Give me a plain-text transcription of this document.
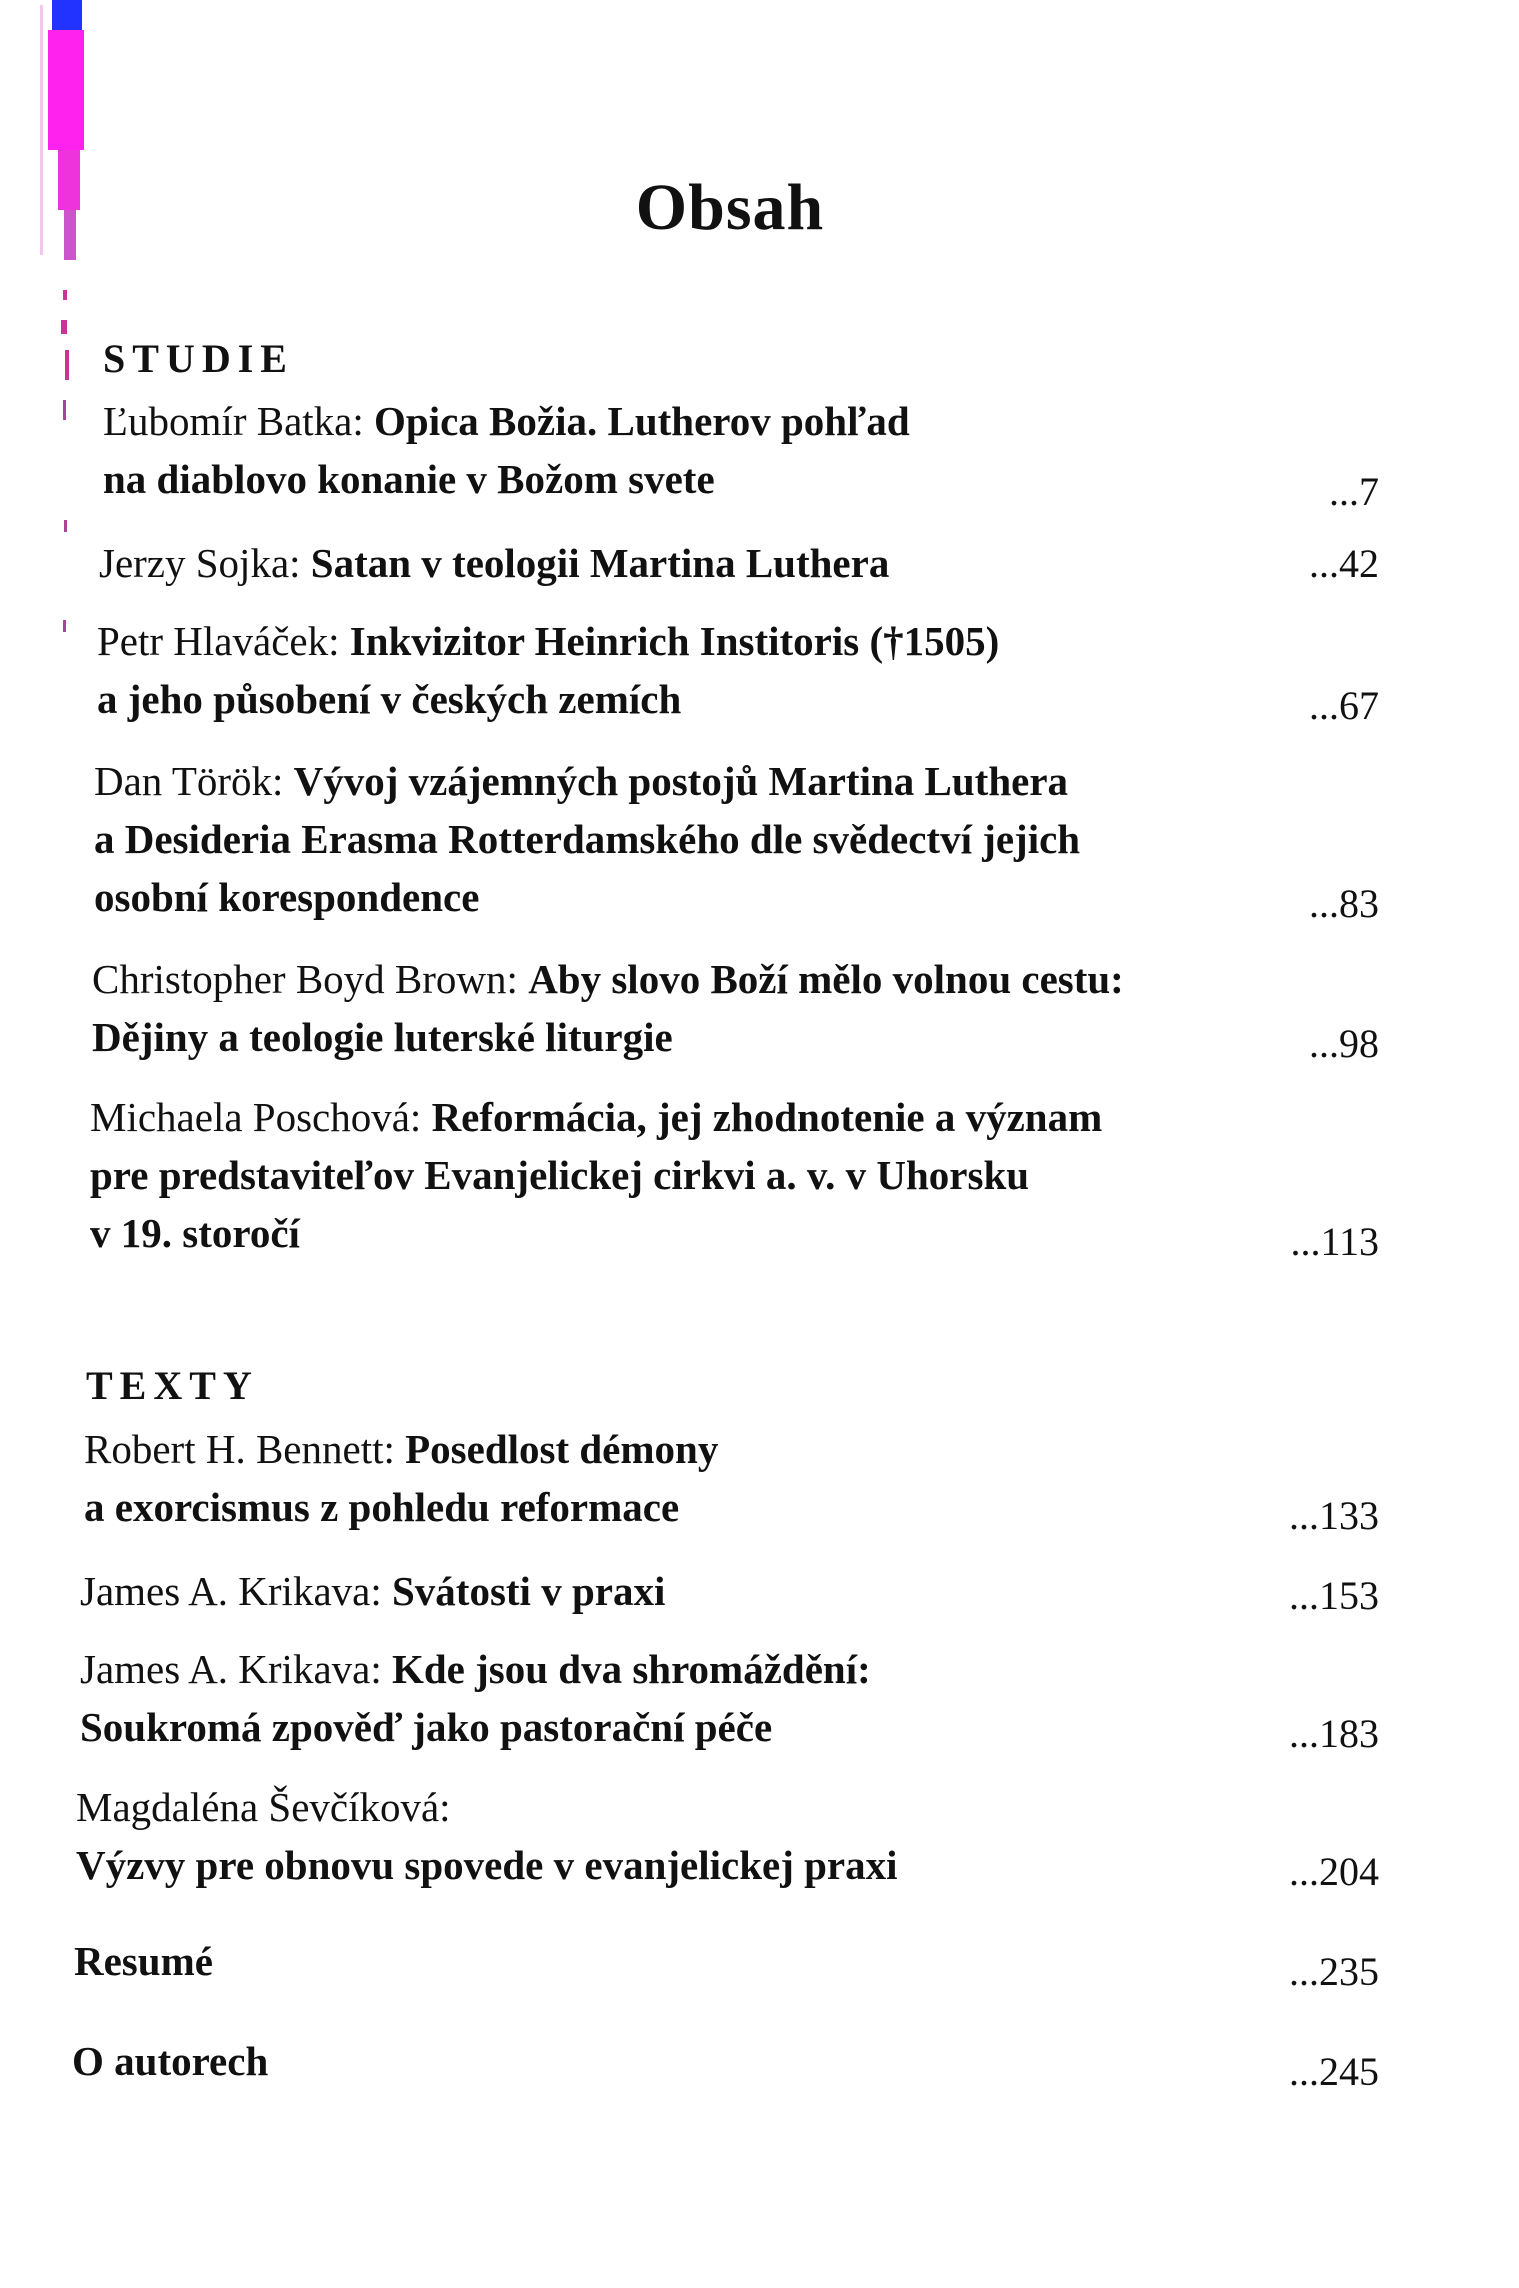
Obsah
STUDIE
Ľubomír Batka: Opica Božia. Lutherov pohľad
na diablovo konanie v Božom svete	...7
Jerzy Sojka: Satan v teologii Martina Luthera	...42
Petr Hlaváček: Inkvizitor Heinrich Institoris (†1505)
a jeho působení v českých zemích	...67
Dan Török: Vývoj vzájemných postojů Martina Luthera
a Desideria Erasma Rotterdamského dle svědectví jejich
osobní korespondence	...83
Christopher Boyd Brown: Aby slovo Boží mělo volnou cestu:
Dějiny a teologie luterské liturgie	...98
Michaela Poschová: Reformácia, jej zhodnotenie a význam
pre predstaviteľov Evanjelickej cirkvi a. v. v Uhorsku
v 19. storočí	...113
TEXTY
Robert H. Bennett: Posedlost démony
a exorcismus z pohledu reformace	...133
James A. Krikava: Svátosti v praxi	...153
James A. Krikava: Kde jsou dva shromáždění:
Soukromá zpověď jako pastorační péče	...183
Magdaléna Ševčíková:
Výzvy pre obnovu spovede v evanjelickej praxi	...204
Resumé	...235
O autorech	...245
